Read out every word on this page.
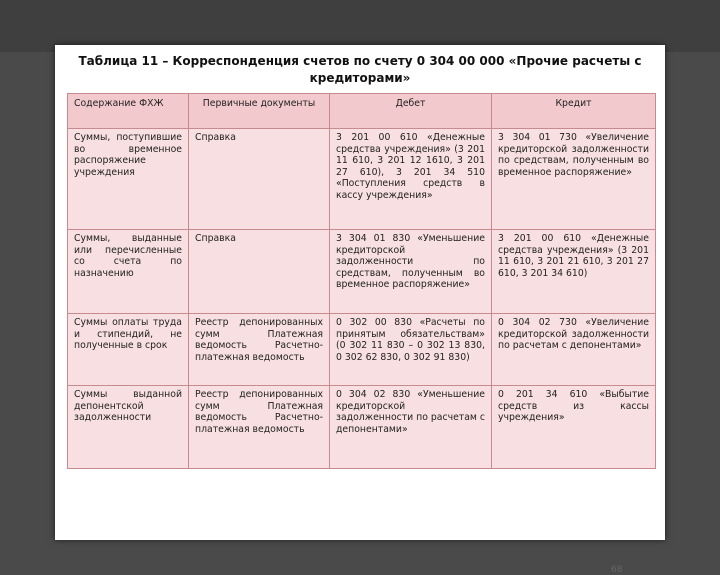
Таблица 11 – Корреспонденция счетов по счету 0 304 00 000 «Прочие расчеты с кредиторами»
Содержание ФХЖ	Первичные документы	Дебет	Кредит
Суммы, поступившие во временное распоряжение учреждения	Справка	3 201 00 610 «Денежные средства учреждения» (3 201 11 610, 3 201 12 1610, 3 201 27 610), 3 201 34 510 «Поступления средств в кассу учреждения»	3 304 01 730 «Увеличение кредиторской задолженности по средствам, полученным во временное распоряжение»
Суммы, выданные или перечисленные со счета по назначению	Справка	3 304 01 830 «Уменьшение кредиторской задолженности по средствам, полученным во временное распоряжение»	3 201 00 610 «Денежные средства учреждения» (3 201 11 610, 3 201 21 610, 3 201 27 610, 3 201 34 610)
Суммы оплаты труда и стипендий, не полученные в срок	Реестр депонированных сумм Платежная ведомость Расчетно-платежная ведомость	0 302 00 830 «Расчеты по принятым обязательствам» (0 302 11 830 – 0 302 13 830, 0 302 62 830, 0 302 91 830)	0 304 02 730 «Увеличение кредиторской задолженности по расчетам с депонентами»
Суммы выданной депонентской задолженности	Реестр депонированных сумм Платежная ведомость Расчетно-платежная ведомость	0 304 02 830 «Уменьшение кредиторской задолженности по расчетам с депонентами»	0 201 34 610 «Выбытие средств из кассы учреждения»
68
